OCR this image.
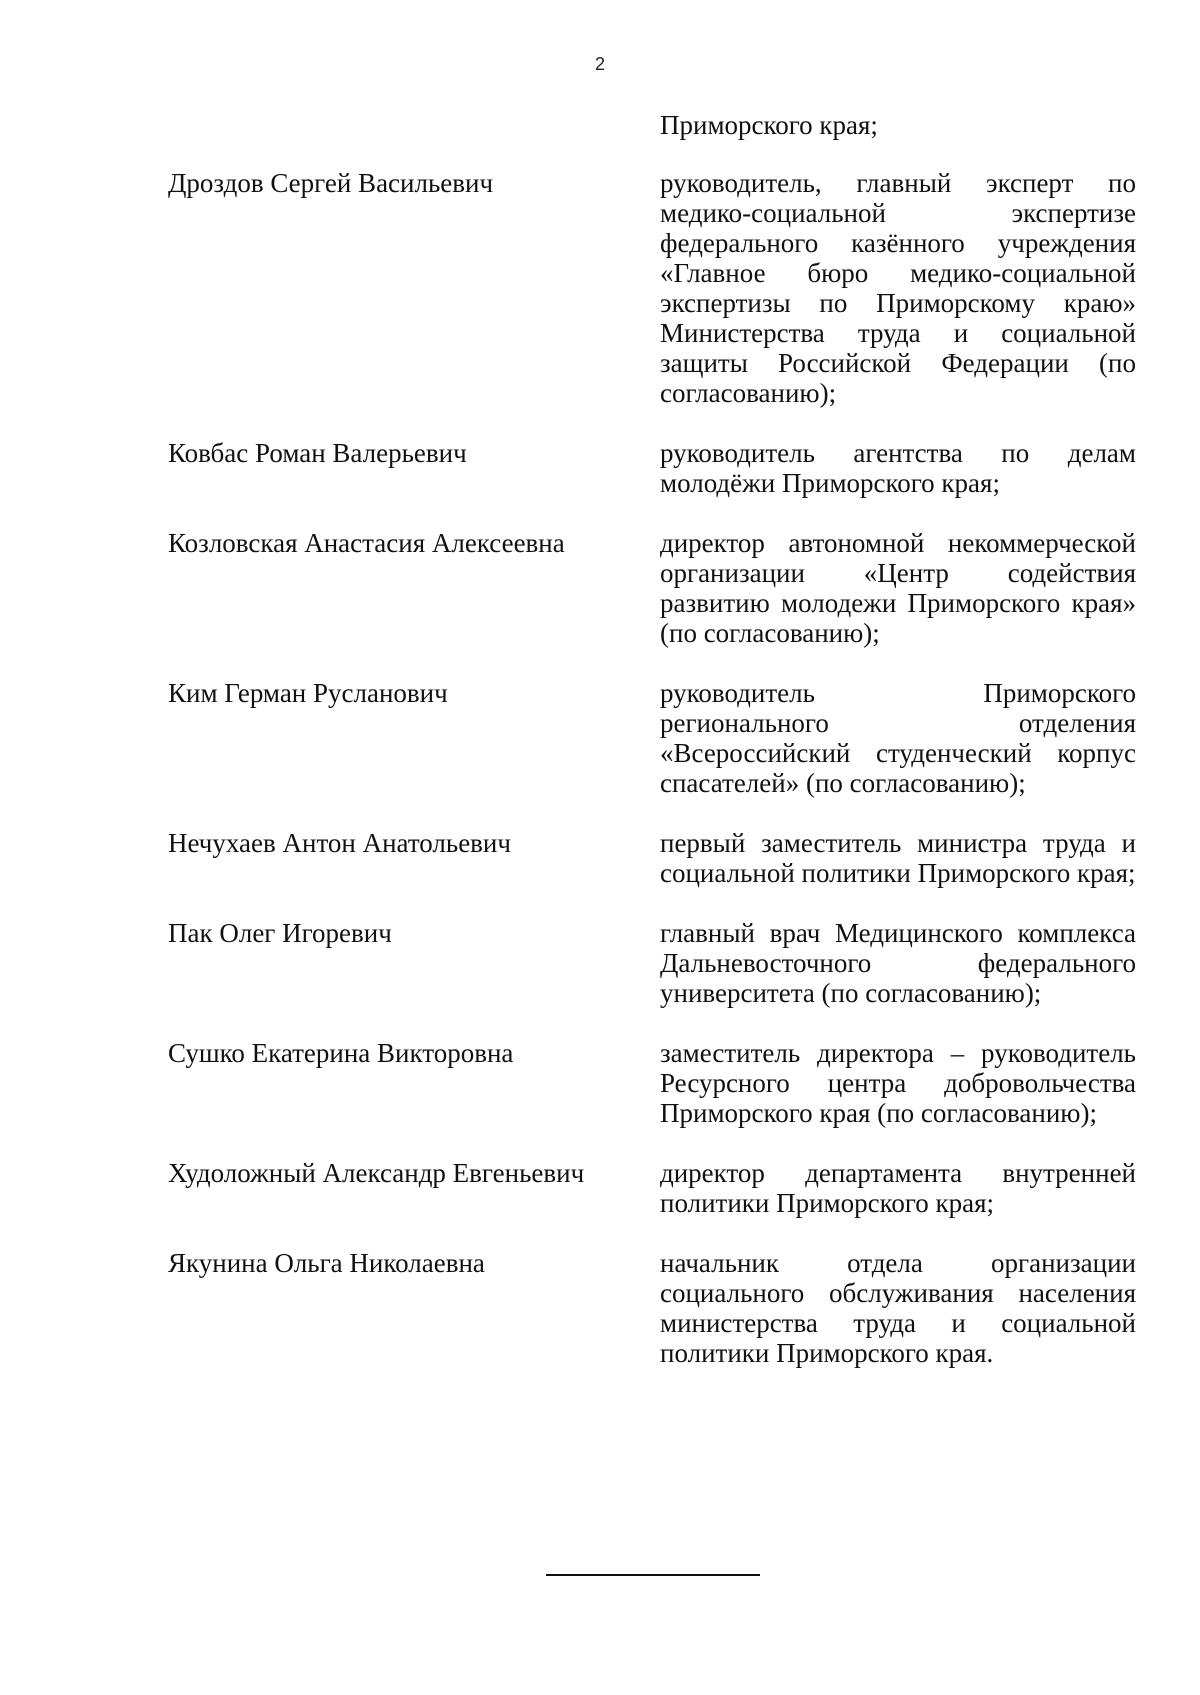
2
Приморского края;
Дроздов Сергей Васильевич	руководитель, главный эксперт по медико-социальной экспертизе федерального казённого учреждения «Главное бюро медико-социальной экспертизы по Приморскому краю» Министерства труда и социальной защиты Российской Федерации (по согласованию);
Ковбас Роман Валерьевич	руководитель агентства по делам молодёжи Приморского края;
Козловская Анастасия Алексеевна	директор автономной некоммерческой организации «Центр содействия развитию молодежи Приморского края» (по согласованию);
Ким Герман Русланович	руководитель Приморского регионального отделения «Всероссийский студенческий корпус спасателей» (по согласованию);
Нечухаев Антон Анатольевич	первый заместитель министра труда и социальной политики Приморского края;
Пак Олег Игоревич	главный врач Медицинского комплекса Дальневосточного федерального университета (по согласованию);
Сушко Екатерина Викторовна	заместитель директора – руководитель Ресурсного центра добровольчества Приморского края (по согласованию);
Худоложный Александр Евгеньевич	директор департамента внутренней политики Приморского края;
Якунина Ольга Николаевна	начальник отдела организации социального обслуживания населения министерства труда и социальной политики Приморского края.
